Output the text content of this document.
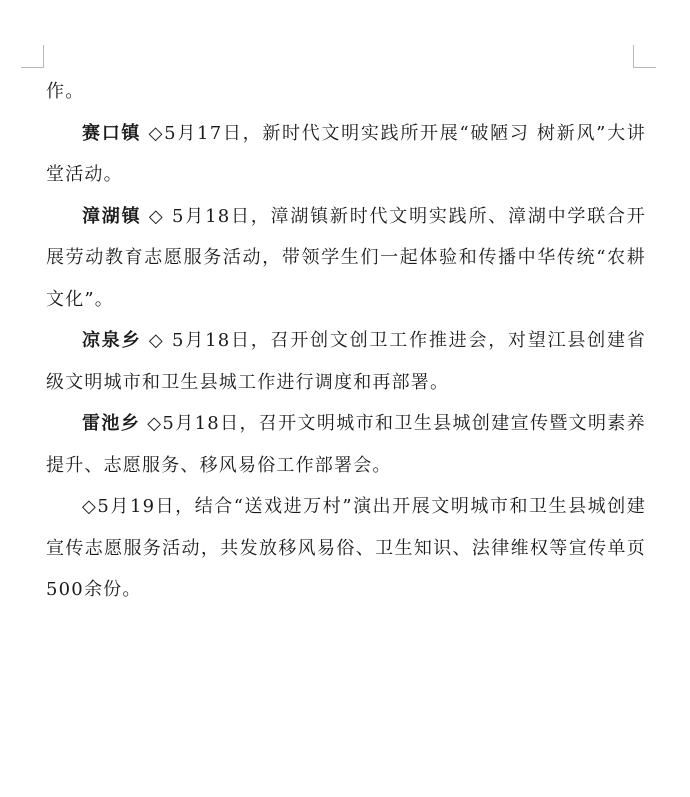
作。

赛口镇 ◇5月17日，新时代文明实践所开展“破陋习 树新风”大讲堂活动。

漳湖镇 ◇ 5月18日，漳湖镇新时代文明实践所、漳湖中学联合开展劳动教育志愿服务活动，带领学生们一起体验和传播中华传统“农耕文化”。

凉泉乡 ◇ 5月18日，召开创文创卫工作推进会，对望江县创建省级文明城市和卫生县城工作进行调度和再部署。

雷池乡 ◇5月18日，召开文明城市和卫生县城创建宣传暨文明素养提升、志愿服务、移风易俗工作部署会。

◇5月19日，结合“送戏进万村”演出开展文明城市和卫生县城创建宣传志愿服务活动，共发放移风易俗、卫生知识、法律维权等宣传单页500余份。
